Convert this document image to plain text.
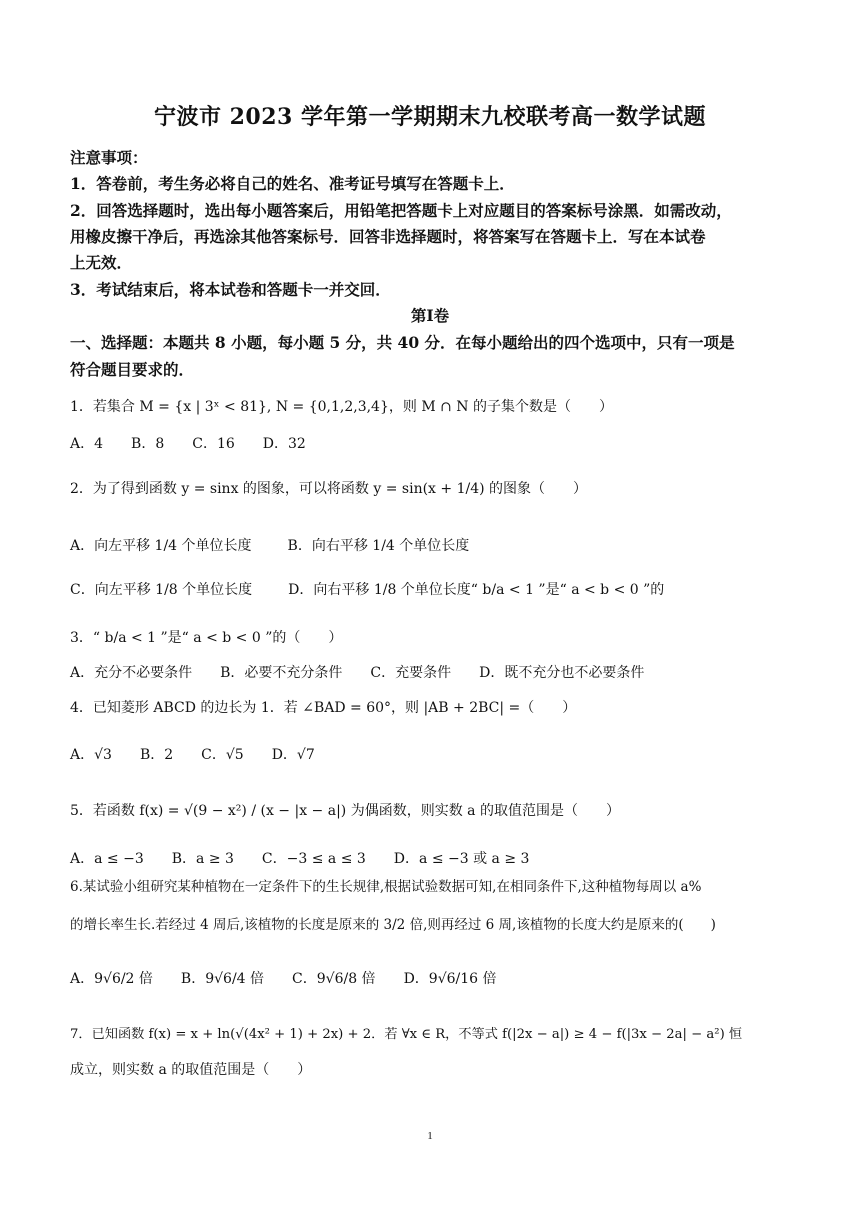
宁波市 2023 学年第一学期期末九校联考高一数学试题
注意事项：
1．答卷前，考生务必将自己的姓名、准考证号填写在答题卡上．
2．回答选择题时，选出每小题答案后，用铅笔把答题卡上对应题目的答案标号涂黑．如需改动，
用橡皮擦干净后，再选涂其他答案标号．回答非选择题时，将答案写在答题卡上．写在本试卷
上无效．
3．考试结束后，将本试卷和答题卡一并交回．
第Ⅰ卷
一、选择题：本题共 8 小题，每小题 5 分，共 40 分．在每小题给出的四个选项中，只有一项是
符合题目要求的．
1．若集合 M = {x | 3ˣ < 81}, N = {0,1,2,3,4}，则 M ∩ N 的子集个数是（　　）
A．4 B．8 C．16 D．32
2．为了得到函数 y = sinx 的图象，可以将函数 y = sin(x + 1/4) 的图象（　　）
A．向左平移 1/4 个单位长度	B．向右平移 1/4 个单位长度
C．向左平移 1/8 个单位长度	D．向右平移 1/8 个单位长度“ b/a < 1 ”是“ a < b < 0 ”的
3．“ b/a < 1 ”是“ a < b < 0 ”的（　　）
A．充分不必要条件 B．必要不充分条件 C．充要条件 D．既不充分也不必要条件
4．已知菱形 ABCD 的边长为 1．若 ∠BAD = 60°，则 |AB + 2BC| =（　　）
A．√3 B．2 C．√5 D．√7
5．若函数 f(x) = √(9 − x²) / (x − |x − a|) 为偶函数，则实数 a 的取值范围是（　　）
A．a ≤ −3 B．a ≥ 3 C．−3 ≤ a ≤ 3 D．a ≤ −3 或 a ≥ 3
6.某试验小组研究某种植物在一定条件下的生长规律,根据试验数据可知,在相同条件下,这种植物每周以 a%
的增长率生长.若经过 4 周后,该植物的长度是原来的 3/2 倍,则再经过 6 周,该植物的长度大约是原来的(　　)
A．9√6/2 倍 B．9√6/4 倍 C．9√6/8 倍 D．9√6/16 倍
7．已知函数 f(x) = x + ln(√(4x² + 1) + 2x) + 2．若 ∀x ∈ R，不等式 f(|2x − a|) ≥ 4 − f(|3x − 2a| − a²) 恒
成立，则实数 a 的取值范围是（　　）
1
